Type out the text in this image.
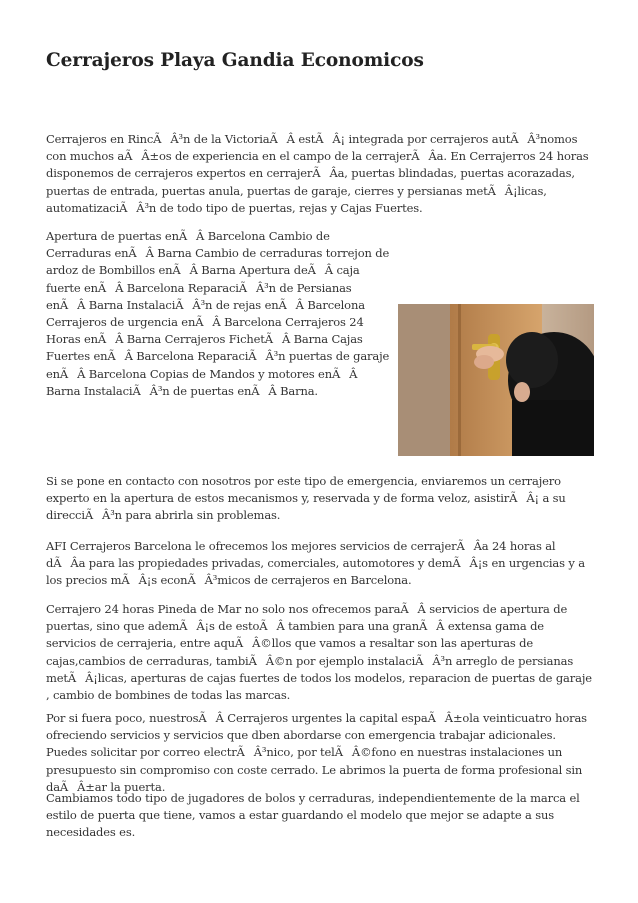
Cerrajeros Playa Gandia Economicos

Cerrajeros en RincÃÂ³n de la VictoriaÃÂ estÃÂ¡ integrada por cerrajeros autÃÂ³nomos con muchos aÃÂ±os de experiencia en el campo de la cerrajerÃÂa. En Cerrajerros 24 horas disponemos de cerrajeros expertos en cerrajerÃÂa, puertas blindadas, puertas acorazadas, puertas de entrada, puertas anula, puertas de garaje, cierres y persianas metÃÂ¡licas, automatizaciÃÂ³n de todo tipo de puertas, rejas y Cajas Fuertes.

Apertura de puertas enÃÂ Barcelona Cambio de Cerraduras enÃÂ Barna Cambio de cerraduras torrejon de ardoz de Bombillos enÃÂ Barna Apertura deÃÂ caja fuerte enÃÂ Barcelona ReparaciÃÂ³n de Persianas enÃÂ Barna InstalaciÃÂ³n de rejas enÃÂ Barcelona Cerrajeros de urgencia enÃÂ Barcelona Cerrajeros 24 Horas enÃÂ Barna Cerrajeros FichetÃÂ Barna Cajas Fuertes enÃÂ Barcelona ReparaciÃÂ³n puertas de garaje enÃÂ Barcelona Copias de Mandos y motores enÃÂ Barna InstalaciÃÂ³n de puertas enÃÂ Barna.

Si se pone en contacto con nosotros por este tipo de emergencia, enviaremos un cerrajero experto en la apertura de estos mecanismos y, reservada y de forma veloz, asistirÃÂ¡ a su direcciÃÂ³n para abrirla sin problemas.

AFI Cerrajeros Barcelona le ofrecemos los mejores servicios de cerrajerÃÂa 24 horas al dÃÂa para las propiedades privadas, comerciales, automotores y demÃÂ¡s en urgencias y a los precios mÃÂ¡s econÃÂ³micos de cerrajeros en Barcelona.

Cerrajero 24 horas Pineda de Mar no solo nos ofrecemos paraÃÂ servicios de apertura de puertas, sino que ademÃÂ¡s de estoÃÂ tambien para una granÃÂ extensa gama de servicios de cerrajeria, entre aquÃÂ©llos que vamos a resaltar son las aperturas de cajas,cambios de cerraduras, tambiÃÂ©n por ejemplo instalaciÃÂ³n arreglo de persianas metÃÂ¡licas, aperturas de cajas fuertes de todos los modelos, reparacion de puertas de garaje , cambio de bombines de todas las marcas.

Por si fuera poco, nuestrosÃÂ Cerrajeros urgentes la capital espaÃÂ±ola veinticuatro horas ofreciendo servicios y servicios que dben abordarse con emergencia trabajar adicionales. Puedes solicitar por correo electrÃÂ³nico, por telÃÂ©fono en nuestras instalaciones un presupuesto sin compromiso con coste cerrado. Le abrimos la puerta de forma profesional sin daÃÂ±ar la puerta.

Cambiamos todo tipo de jugadores de bolos y cerraduras, independientemente de la marca el estilo de puerta que tiene, vamos a estar guardando el modelo que mejor se adapte a sus necesidades es.
